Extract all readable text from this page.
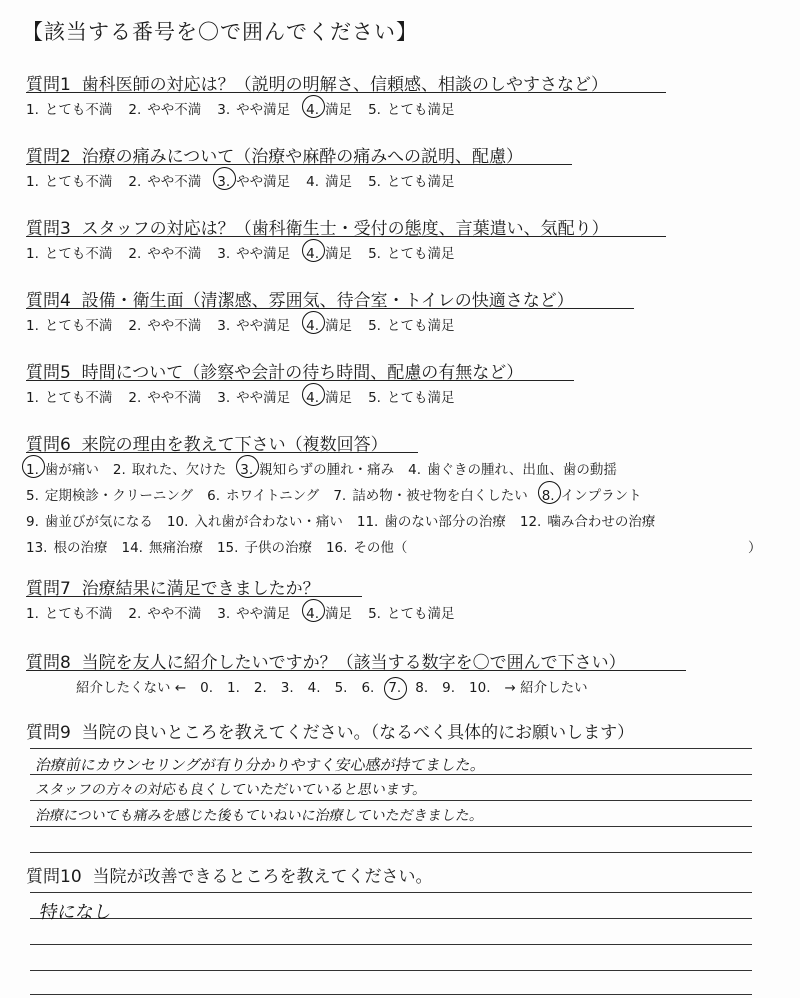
【該当する番号を〇で囲んでください】
質問1 歯科医師の対応は？（説明の明解さ、信頼感、相談のしやすさなど）
1. とても不満 2. やや不満 3. やや満足 4. 満足 5. とても満足
質問2 治療の痛みについて（治療や麻酔の痛みへの説明、配慮）
1. とても不満 2. やや不満 3. やや満足 4. 満足 5. とても満足
質問3 スタッフの対応は？（歯科衛生士・受付の態度、言葉遣い、気配り）
1. とても不満 2. やや不満 3. やや満足 4. 満足 5. とても満足
質問4 設備・衛生面（清潔感、雰囲気、待合室・トイレの快適さなど）
1. とても不満 2. やや不満 3. やや満足 4. 満足 5. とても満足
質問5 時間について（診察や会計の待ち時間、配慮の有無など）
1. とても不満 2. やや不満 3. やや満足 4. 満足 5. とても満足
質問6 来院の理由を教えて下さい（複数回答）
1. 歯が痛い 2. 取れた、欠けた 3. 親知らずの腫れ・痛み 4. 歯ぐきの腫れ、出血、歯の動揺
5. 定期検診・クリーニング 6. ホワイトニング 7. 詰め物・被せ物を白くしたい 8. インプラント
9. 歯並びが気になる 10. 入れ歯が合わない・痛い 11. 歯のない部分の治療 12. 噛み合わせの治療
13. 根の治療 14. 無痛治療 15. 子供の治療 16. その他（	）
質問7 治療結果に満足できましたか？
1. とても不満 2. やや不満 3. やや満足 4. 満足 5. とても満足
質問8 当院を友人に紹介したいですか？（該当する数字を〇で囲んで下さい）
紹介したくない ← 0. 1. 2. 3. 4. 5. 6. 7. 8. 9. 10. → 紹介したい
質問9 当院の良いところを教えてください。（なるべく具体的にお願いします）
治療前にカウンセリングが有り分かりやすく安心感が持てました。
スタッフの方々の対応も良くしていただいていると思います。
治療についても痛みを感じた後もていねいに治療していただきました。
質問10 当院が改善できるところを教えてください。
特になし
